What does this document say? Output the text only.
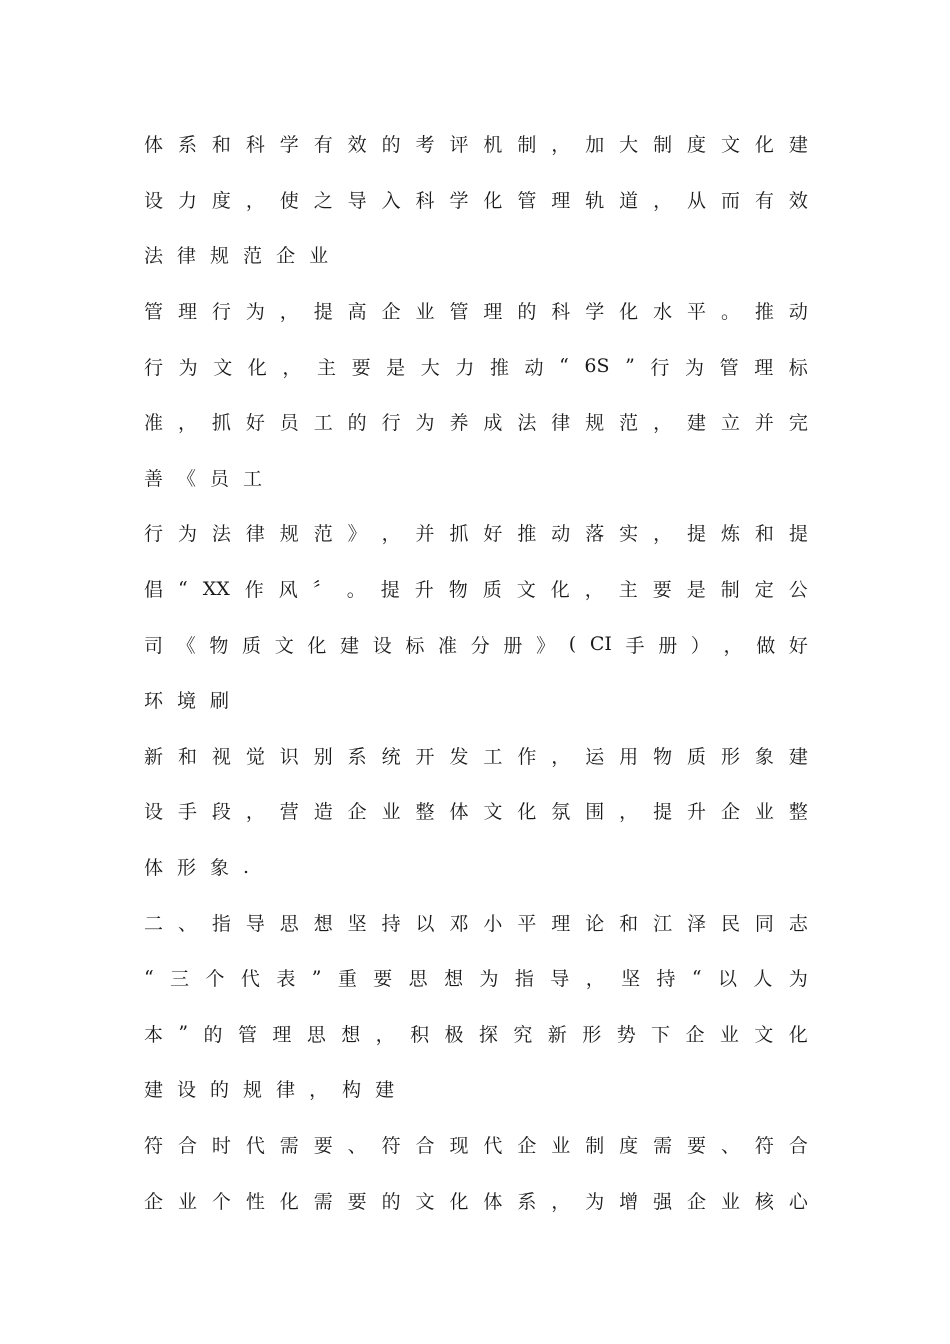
体 系 和 科 学 有 效 的 考 评 机 制 ， 加 大 制 度 文 化 建
设 力 度 ， 使 之 导 入 科 学 化 管 理 轨 道 ， 从 而 有 效
法 律 规 范 企 业
管 理 行 为 ， 提 高 企 业 管 理 的 科 学 化 水 平 。 推 动
行 为 文 化 ， 主 要 是 大 力 推 动 “ 6S ” 行 为 管 理 标
准 ， 抓 好 员 工 的 行 为 养 成 法 律 规 范 ， 建 立 并 完
善 《 员 工
行 为 法 律 规 范 》 ， 并 抓 好 推 动 落 实 ， 提 炼 和 提
倡 “ XX 作 风 〞 。 提 升 物 质 文 化 ， 主 要 是 制 定 公
司 《 物 质 文 化 建 设 标 准 分 册 》 ( CI 手 册 ） ， 做 好
环 境 刷
新 和 视 觉 识 别 系 统 开 发 工 作 ， 运 用 物 质 形 象 建
设 手 段 ， 营 造 企 业 整 体 文 化 氛 围 ， 提 升 企 业 整
体 形 象 .
二 、 指 导 思 想 坚 持 以 邓 小 平 理 论 和 江 泽 民 同 志
“ 三 个 代 表 ” 重 要 思 想 为 指 导 ， 坚 持 “ 以 人 为
本 ” 的 管 理 思 想 ， 积 极 探 究 新 形 势 下 企 业 文 化
建 设 的 规 律 ， 构 建
符 合 时 代 需 要 、 符 合 现 代 企 业 制 度 需 要 、 符 合
企 业 个 性 化 需 要 的 文 化 体 系 ， 为 增 强 企 业 核 心
